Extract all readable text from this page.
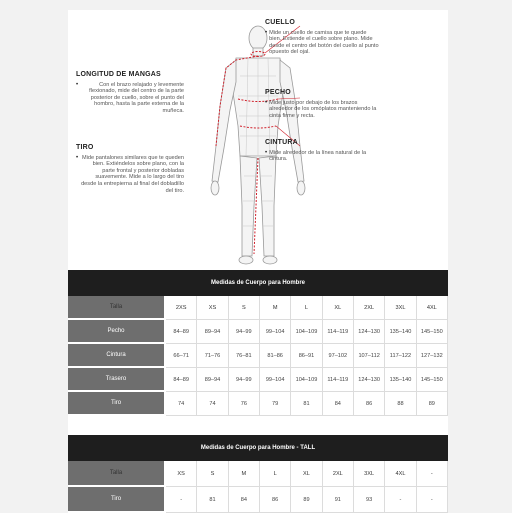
CUELLO
• Mide un cuello de camisa que te quede bien. Extiende el cuello sobre plano. Mide desde el centro del botón del cuello al punto opuesto del ojal.
PECHO
• Mide justo por debajo de los brazos alrededor de los omóplatos manteniendo la cinta firme y recta.
CINTURA
• Mide alrededor de la línea natural de la cintura.
LONGITUD DE MANGAS
•	Con el brazo relajado y levemente flexionado, mide del centro de la parte posterior de cuello, sobre el punto del hombro, hasta la parte externa de la muñeca.
TIRO
• Mide pantalones similares que te queden bien. Extiéndelos sobre plano, con la parte frontal y posterior dobladas suavemente. Mide a lo largo del tiro desde la entrepierna al final del dobladillo del tiro.
Medidas de Cuerpo para Hombre
Talla	2XS	XS	S	M	L	XL	2XL	3XL	4XL
Pecho	84–89	89–94	94–99	99–104	104–109	114–119	124–130	135–140	145–150
Cintura	66–71	71–76	76–81	81–86	86–91	97–102	107–112	117–122	127–132
Trasero	84–89	89–94	94–99	99–104	104–109	114–119	124–130	135–140	145–150
Tiro	74	74	76	79	81	84	86	88	89
Medidas de Cuerpo para Hombre - TALL
Talla	XS	S	M	L	XL	2XL	3XL	4XL	-
Tiro	-	81	84	86	89	91	93	-	-
